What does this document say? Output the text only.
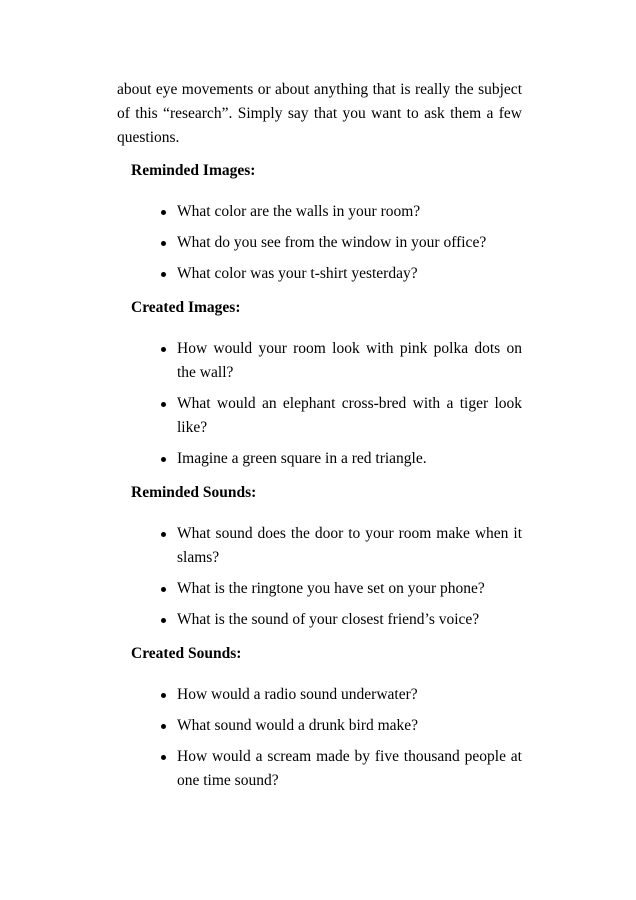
about eye movements or about anything that is really the subject of this “research”. Simply say that you want to ask them a few questions.

Reminded Images:
What color are the walls in your room?
What do you see from the window in your office?
What color was your t-shirt yesterday?
Created Images:
How would your room look with pink polka dots on the wall?
What would an elephant cross-bred with a tiger look like?
Imagine a green square in a red triangle.
Reminded Sounds:
What sound does the door to your room make when it slams?
What is the ringtone you have set on your phone?
What is the sound of your closest friend’s voice?
Created Sounds:
How would a radio sound underwater?
What sound would a drunk bird make?
How would a scream made by five thousand people at one time sound?
